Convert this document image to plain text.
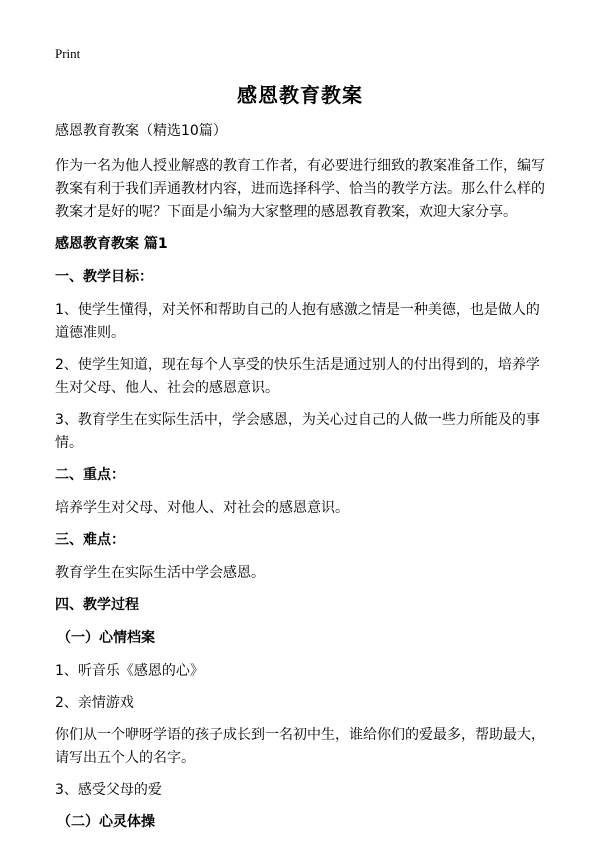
Print
感恩教育教案
感恩教育教案（精选10篇）
作为一名为他人授业解惑的教育工作者，有必要进行细致的教案准备工作，编写教案有利于我们弄通教材内容，进而选择科学、恰当的教学方法。那么什么样的教案才是好的呢？下面是小编为大家整理的感恩教育教案，欢迎大家分享。
感恩教育教案 篇1
一、教学目标：
1、使学生懂得，对关怀和帮助自己的人抱有感激之情是一种美德，也是做人的道德准则。
2、使学生知道，现在每个人享受的快乐生活是通过别人的付出得到的，培养学生对父母、他人、社会的感恩意识。
3、教育学生在实际生活中，学会感恩，为关心过自己的人做一些力所能及的事情。
二、重点：
培养学生对父母、对他人、对社会的感恩意识。
三、难点：
教育学生在实际生活中学会感恩。
四、教学过程
（一）心情档案
1、听音乐《感恩的心》
2、亲情游戏
你们从一个咿呀学语的孩子成长到一名初中生，谁给你们的爱最多，帮助最大，请写出五个人的名字。
3、感受父母的爱
（二）心灵体操
